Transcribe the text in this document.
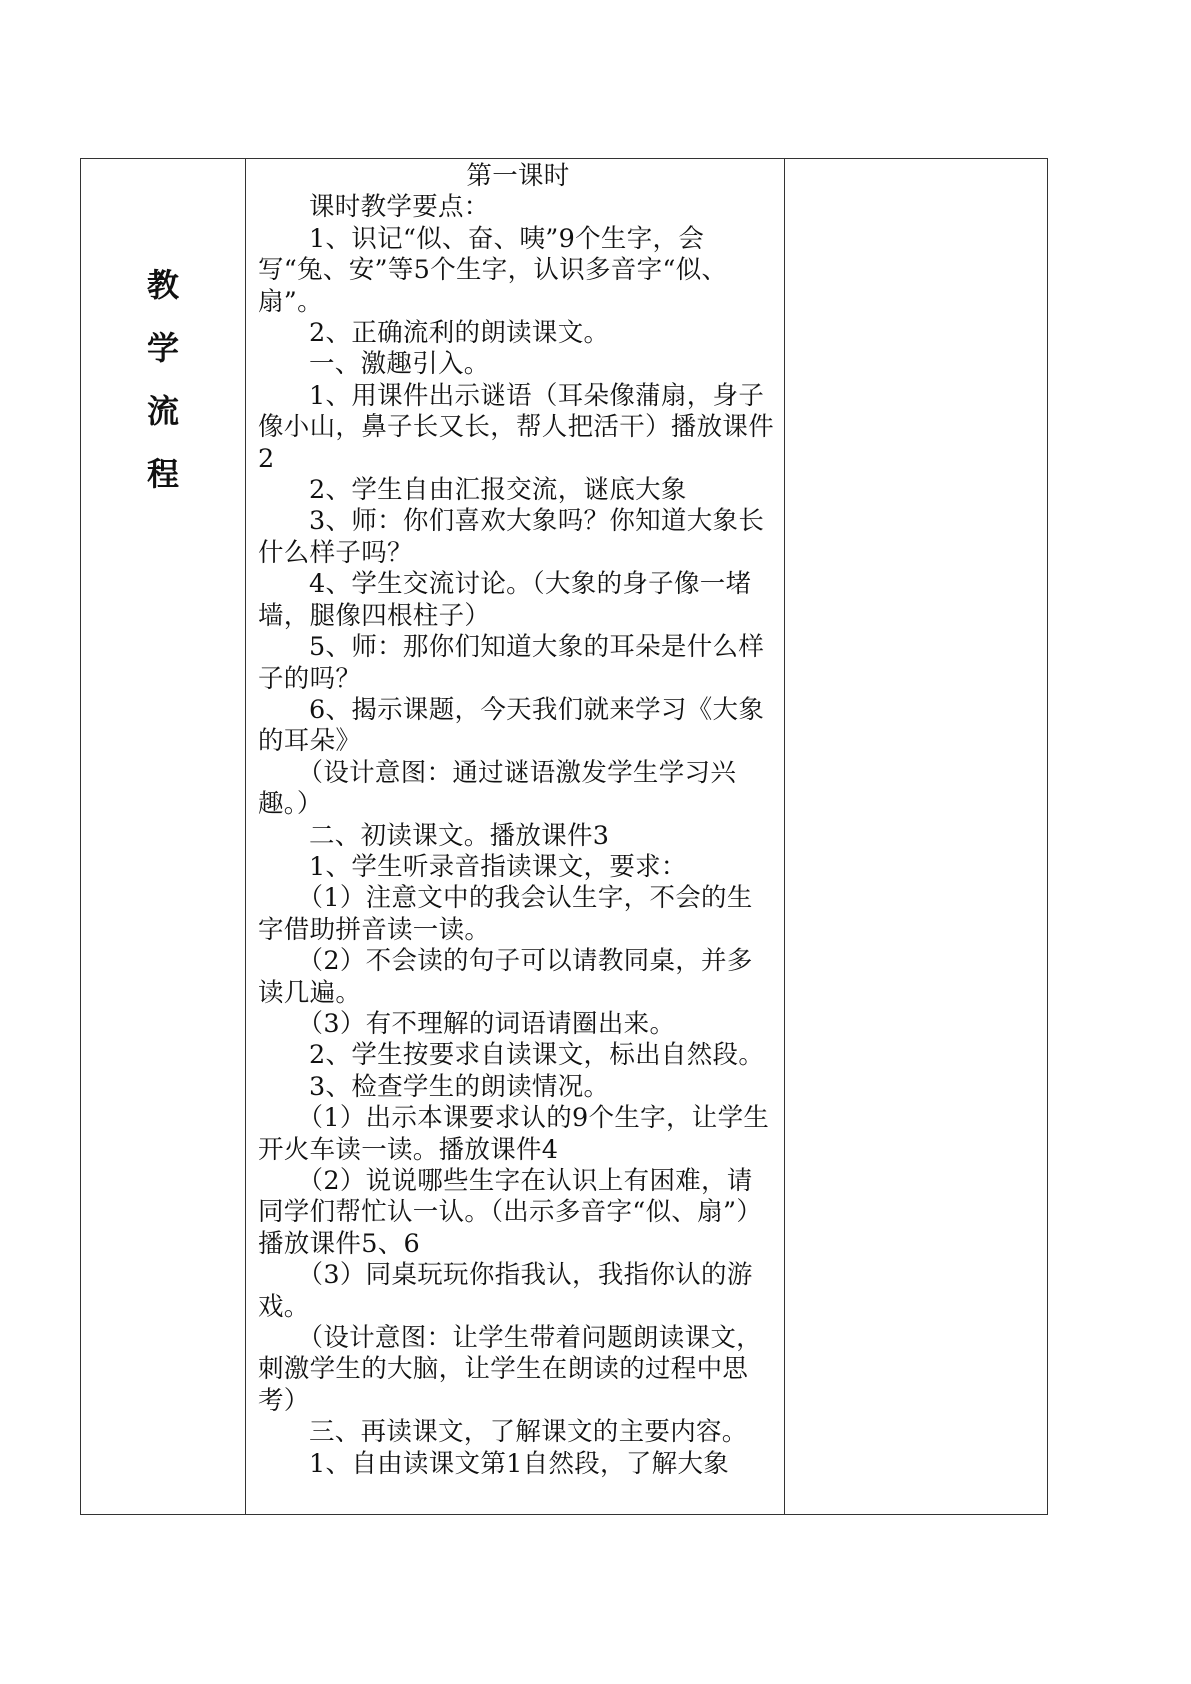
教
学
流
程

第一课时

课时教学要点：

1、识记“似、奋、咦”9个生字，会写“兔、安”等5个生字，认识多音字“似、扇”。

2、正确流利的朗读课文。

一、激趣引入。

1、用课件出示谜语（耳朵像蒲扇，身子像小山，鼻子长又长，帮人把活干）播放课件2

2、学生自由汇报交流，谜底大象

3、师：你们喜欢大象吗？你知道大象长什么样子吗？

4、学生交流讨论。（大象的身子像一堵墙，腿像四根柱子）

5、师：那你们知道大象的耳朵是什么样子的吗？

6、揭示课题，今天我们就来学习《大象的耳朵》

（设计意图：通过谜语激发学生学习兴趣。）

二、初读课文。播放课件3

1、学生听录音指读课文，要求：

（1）注意文中的我会认生字，不会的生字借助拼音读一读。

（2）不会读的句子可以请教同桌，并多读几遍。

（3）有不理解的词语请圈出来。

2、学生按要求自读课文，标出自然段。

3、检查学生的朗读情况。

（1）出示本课要求认的9个生字，让学生开火车读一读。播放课件4

（2）说说哪些生字在认识上有困难，请同学们帮忙认一认。（出示多音字“似、扇”）播放课件5、6

（3）同桌玩玩你指我认，我指你认的游戏。

（设计意图：让学生带着问题朗读课文，刺激学生的大脑，让学生在朗读的过程中思考）

三、再读课文，了解课文的主要内容。

1、自由读课文第1自然段，了解大象
